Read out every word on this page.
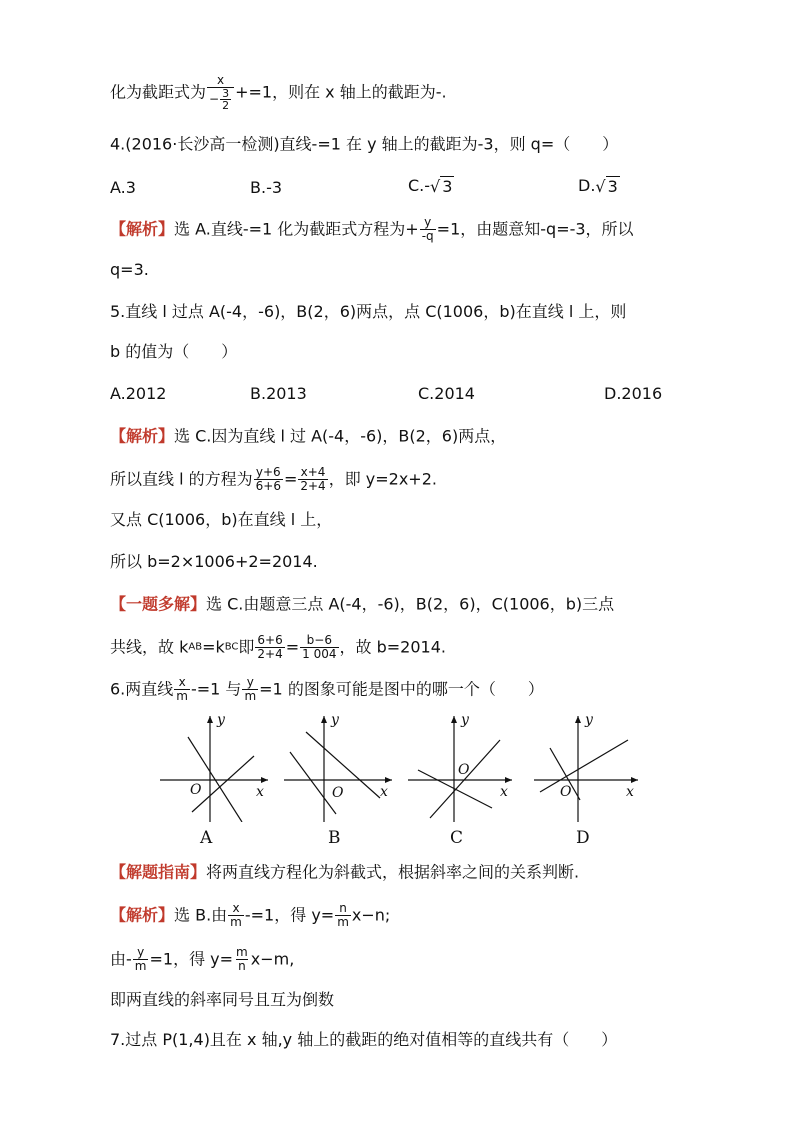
化为截距式为 $\frac{x}{- \frac{3}{2}} +=1$，则在 x 轴上的截距为-.
4.(2016·长沙高一检测)直线-=1 在 y 轴上的截距为-3，则 q=（　　）
A.3	B.-3	C.-√ 3	D.√ 3
【解析】选 A.直线-=1 化为截距式方程为+ $\frac{y}{-q} =1$，由题意知-q=-3，所以
q=3.
5.直线 l 过点 A(-4，-6)，B(2，6)两点，点 C(1006，b)在直线 l 上，则
b 的值为（　　）
A.2012	B.2013	C.2014	D.2016
【解析】选 C.因为直线 l 过 A(-4，-6)，B(2，6)两点，
所以直线 l 的方程为 $\frac{y+6}{6+6} = \frac{x+4}{2+4}$ ，即 y=2x+2.
又点 C(1006，b)在直线 l 上，
所以 b=2×1006+2=2014.
【一题多解】选 C.由题意三点 A(-4，-6)，B(2，6)，C(1006，b)三点
共线，故 kAB=kBC即 $\frac{6+6}{2+4} = \frac{b-6}{1 004}$ ，故 b=2014.
6.两直线 $\frac{x}{m} -=1$ 与 $\frac{y}{m} =1$ 的图象可能是图中的哪一个（　　）
y
x
O
A
y
x
O
B
y
x
O
C
y
x
O
D
【解题指南】将两直线方程化为斜截式，根据斜率之间的关系判断.
【解析】选 B.由 $\frac{x}{m} -=1$，得 $y= \frac{n}{m} x-n$;
由- $\frac{y}{m} =1$，得 $y= \frac{m}{n} x-m$,
即两直线的斜率同号且互为倒数
7.过点 P(1,4)且在 x 轴,y 轴上的截距的绝对值相等的直线共有（　　）
